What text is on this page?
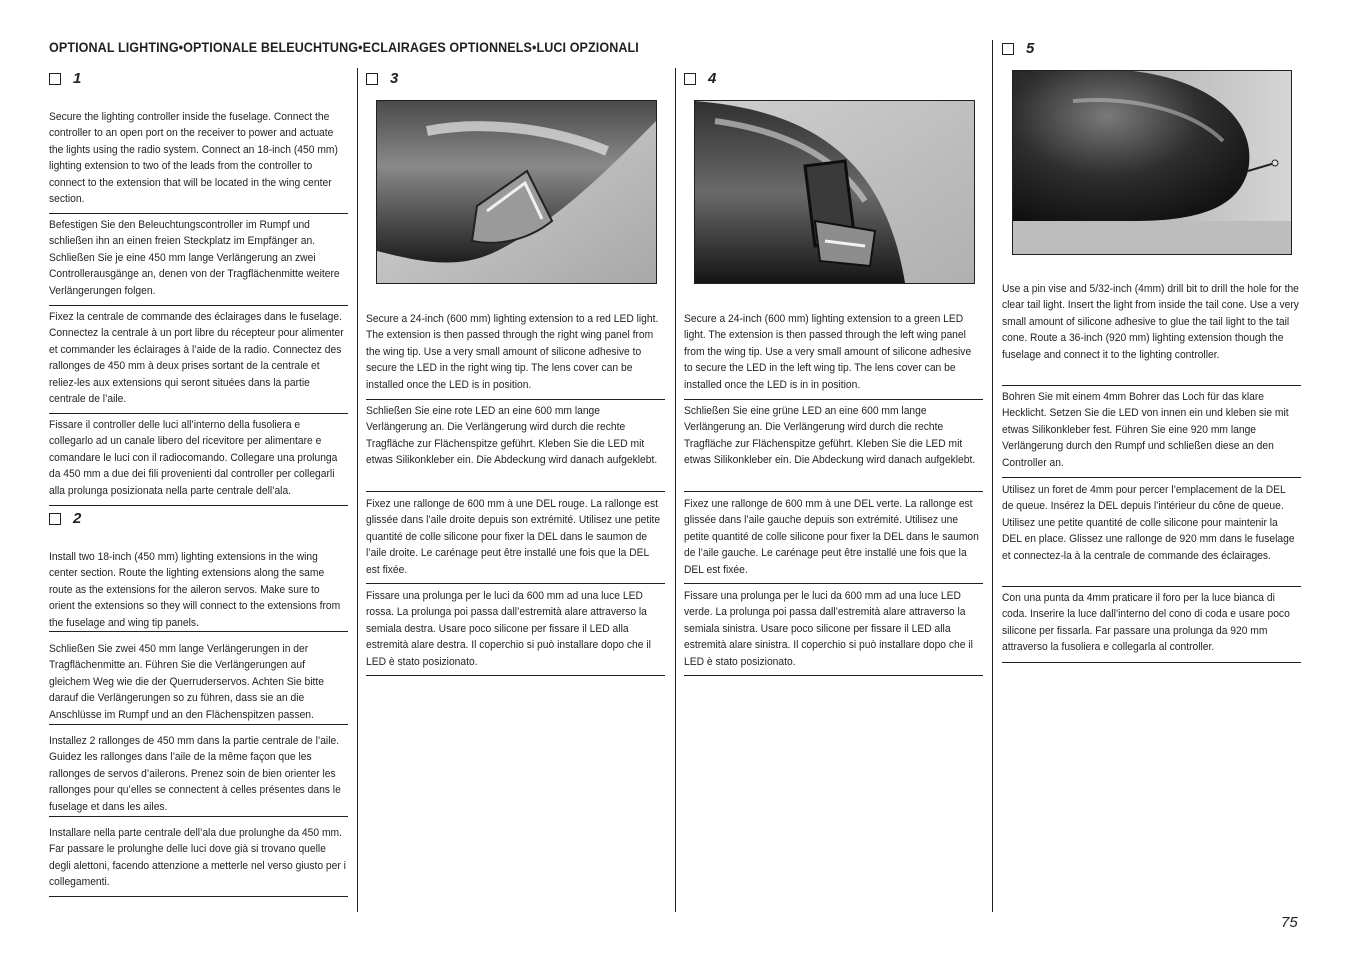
OPTIONAL LIGHTING•OPTIONALE BELEUCHTUNG•ECLAIRAGES OPTIONNELS•LUCI OPZIONALI
1

Secure the lighting controller inside the fuselage. Connect the controller to an open port on the receiver to power and actuate the lights using the radio system. Connect an 18-inch (450 mm) lighting extension to two of the leads from the controller to connect to the extension that will be located in the wing center section.

Befestigen Sie den Beleuchtungscontroller im Rumpf und schließen ihn an einen freien Steckplatz im Empfänger an. Schließen Sie je eine 450 mm lange Verlängerung an zwei Controllerausgänge an, denen von der Tragflächenmitte weitere Verlängerungen folgen.

Fixez la centrale de commande des éclairages dans le fuselage. Connectez la centrale à un port libre du récepteur pour alimenter et commander les éclairages à l’aide de la radio. Connectez des rallonges de 450 mm à deux prises sortant de la centrale et reliez-les aux extensions qui seront situées dans la partie centrale de l’aile.

Fissare il controller delle luci all’interno della fusoliera e collegarlo ad un canale libero del ricevitore per alimentare e comandare le luci con il radiocomando. Collegare una prolunga da 450 mm a due dei fili provenienti dal controller per collegarli alla prolunga posizionata nella parte centrale dell’ala.

2

Install two 18-inch (450 mm) lighting extensions in the wing center section. Route the lighting extensions along the same route as the extensions for the aileron servos. Make sure to orient the extensions so they will connect to the extensions from the fuselage and wing tip panels.

Schließen Sie zwei 450 mm lange Verlängerungen in der Tragflächenmitte an. Führen Sie die Verlängerungen auf gleichem Weg wie die der Querruderservos. Achten Sie bitte darauf die Verlängerungen so zu führen, dass sie an die Anschlüsse im Rumpf und an den Flächenspitzen passen.

Installez 2 rallonges de 450 mm dans la partie centrale de l’aile. Guidez les rallonges dans l’aile de la même façon que les rallonges de servos d’ailerons. Prenez soin de bien orienter les rallonges pour qu’elles se connectent à celles présentes dans le fuselage et dans les ailes.

Installare nella parte centrale dell’ala due prolunghe da 450 mm. Far passare le prolunghe delle luci dove già si trovano quelle degli alettoni, facendo attenzione a metterle nel verso giusto per i collegamenti.

3

Secure a 24-inch (600 mm) lighting extension to a red LED light. The extension is then passed through the right wing panel from the wing tip. Use a very small amount of silicone adhesive to secure the LED in the right wing tip. The lens cover can be installed once the LED is in position.

Schließen Sie eine rote LED an eine 600 mm lange Verlängerung an. Die Verlängerung wird durch die rechte Tragfläche zur Flächenspitze geführt. Kleben Sie die LED mit etwas Silikonkleber ein. Die Abdeckung wird danach aufgeklebt.

Fixez une rallonge de 600 mm à une DEL rouge. La rallonge est glissée dans l’aile droite depuis son extrémité. Utilisez une petite quantité de colle silicone pour fixer la DEL dans le saumon de l’aile droite. Le carénage peut être installé une fois que la DEL est fixée.

Fissare una prolunga per le luci da 600 mm ad una luce LED rossa. La prolunga poi passa dall’estremità alare attraverso la semiala destra. Usare poco silicone per fissare il LED alla estremità alare destra. Il coperchio si può installare dopo che il LED è stato posizionato.

4

Secure a 24-inch (600 mm) lighting extension to a green LED light. The extension is then passed through the left wing panel from the wing tip. Use a very small amount of silicone adhesive to secure the LED in the left wing tip. The lens cover can be installed once the LED is in in position.

Schließen Sie eine grüne LED an eine 600 mm lange Verlängerung an. Die Verlängerung wird durch die rechte Tragfläche zur Flächenspitze geführt. Kleben Sie die LED mit etwas Silikonkleber ein. Die Abdeckung wird danach aufgeklebt.

Fixez une rallonge de 600 mm à une DEL verte. La rallonge est glissée dans l’aile gauche depuis son extrémité. Utilisez une petite quantité de colle silicone pour fixer la DEL dans le saumon de l’aile gauche. Le carénage peut être installé une fois que la DEL est fixée.

Fissare una prolunga per le luci da 600 mm ad una luce LED verde. La prolunga poi passa dall’estremità alare attraverso la semiala sinistra. Usare poco silicone per fissare il LED alla estremità alare sinistra. Il coperchio si può installare dopo che il LED è stato posizionato.

5

Use a pin vise and 5/32-inch (4mm) drill bit to drill the hole for the clear tail light. Insert the light from inside the tail cone. Use a very small amount of silicone adhesive to glue the tail light to the tail cone. Route a 36-inch (920 mm) lighting extension though the fuselage and connect it to the lighting controller.

Bohren Sie mit einem 4mm Bohrer das Loch für das klare Hecklicht. Setzen Sie die LED von innen ein und kleben sie mit etwas Silikonkleber fest. Führen Sie eine 920 mm lange Verlängerung durch den Rumpf und schließen diese an den Controller an.

Utilisez un foret de 4mm pour percer l’emplacement de la DEL de queue. Insérez la DEL depuis l’intérieur du cône de queue. Utilisez une petite quantité de colle silicone pour maintenir la DEL en place. Glissez une rallonge de 920 mm dans le fuselage et connectez-la à la centrale de commande des éclairages.

Con una punta da 4mm praticare il foro per la luce bianca di coda. Inserire la luce dall’interno del cono di coda e usare poco silicone per fissarla. Far passare una prolunga da 920 mm attraverso la fusoliera e collegarla al controller.

75
